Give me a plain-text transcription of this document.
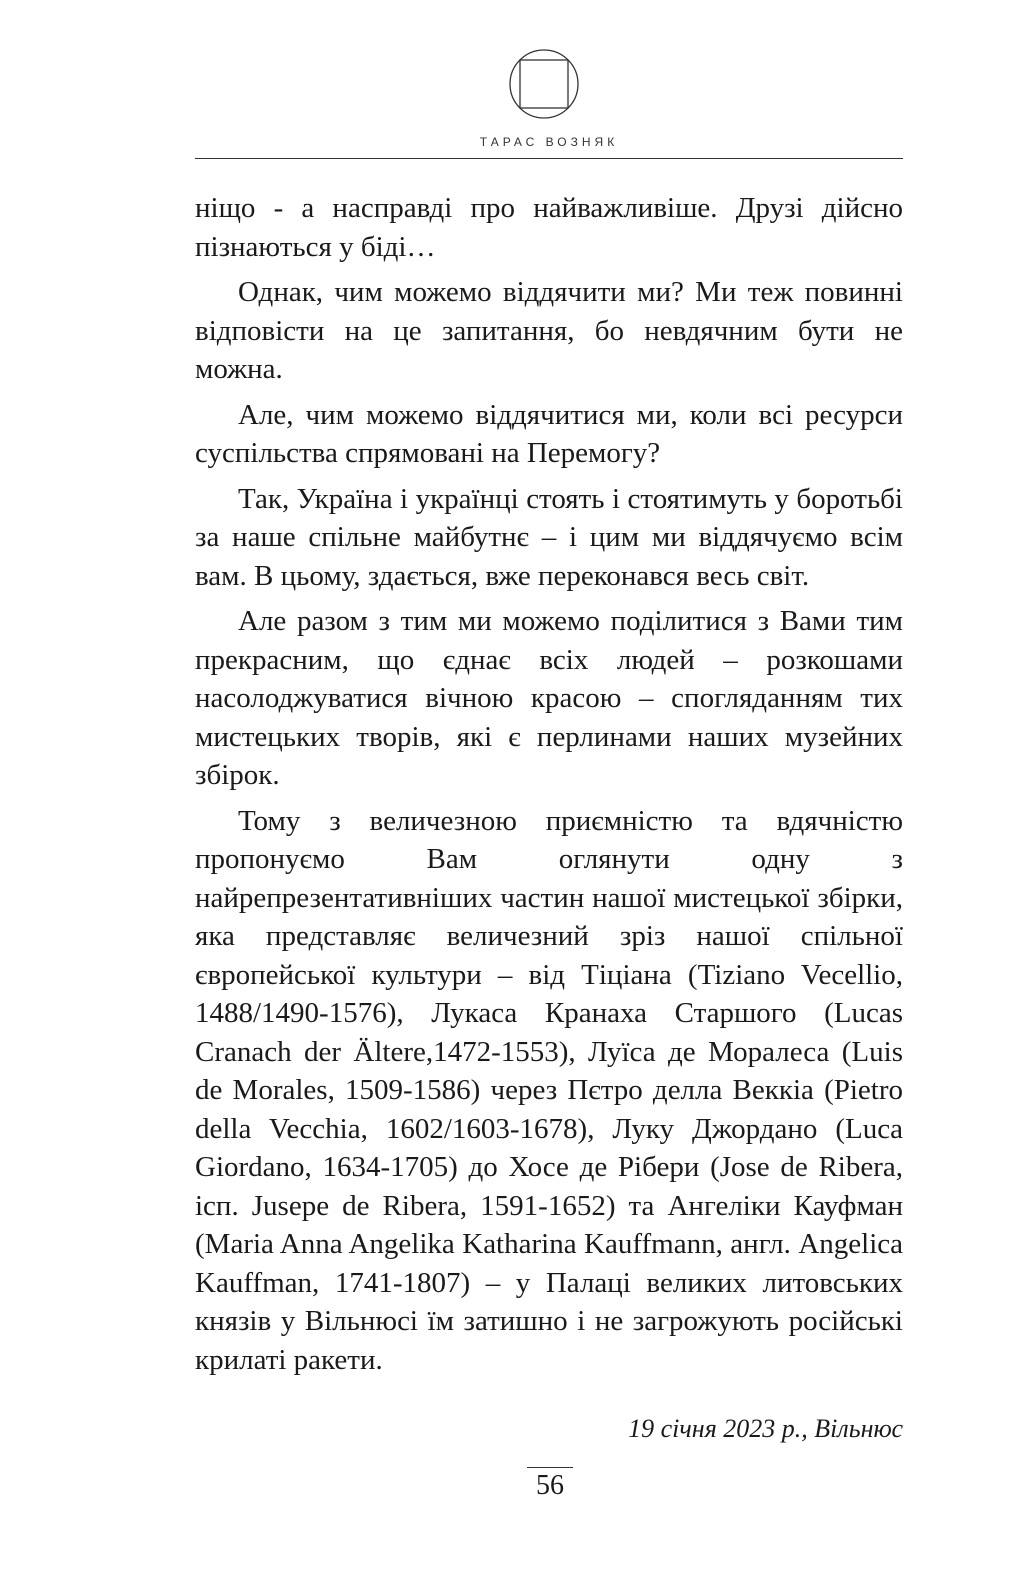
ТАРАС ВОЗНЯК

нiщо - а насправдi про найважливiше. Друзi дiйсно пiзнаються у бiдi…

Однак, чим можемо вiддячити ми? Ми теж повиннi вiдповiсти на це запитання, бо невдячним бути не можна.

Але, чим можемо вiддячитися ми, коли всi ресурси суспiльства спрямованi на Перемогу?

Так, Україна i українцi стоять i стоятимуть у боротьбi за наше спiльне майбутнє – i цим ми вiддячуємо всiм вам. В цьому, здається, вже переконався весь свiт.

Але разом з тим ми можемо подiлитися з Вами тим прекрасним, що єднає всiх людей – розкошами насолоджуватися вiчною красою – спогляданням тих мистецьких творiв, якi є перлинами наших музейних збiрок.

Тому з величезною приємнiстю та вдячнiстю пропонуємо Вам оглянути одну з найрепрезентативнiших частин нашої мистецької збiрки, яка представляє величезний зрiз нашої спiльної європейської культури – вiд Тiцiана (Tiziano Vecellio, 1488/1490-1576), Лукаса Кранаха Старшого (Lucas Cranach der Ältere,1472-1553), Луїса де Моралеса (Luis de Morales, 1509-1586) через Пєтро делла Веккiа (Pietro della Vecchia, 1602/1603-1678), Луку Джордано (Luca Giordano, 1634-1705) до Хосе де Рiбери (Jose de Ribera, iсп. Jusepe de Ribera, 1591-1652) та Ангелiки Кауфман (Maria Anna Angelika Katharina Kauffmann, англ. Angelica Kauffman, 1741-1807) – у Палацi великих литовських князiв у Вiльнюсi їм затишно i не загрожують росiйськi крилатi ракети.

19 сiчня 2023 р., Вiльнюс
56
